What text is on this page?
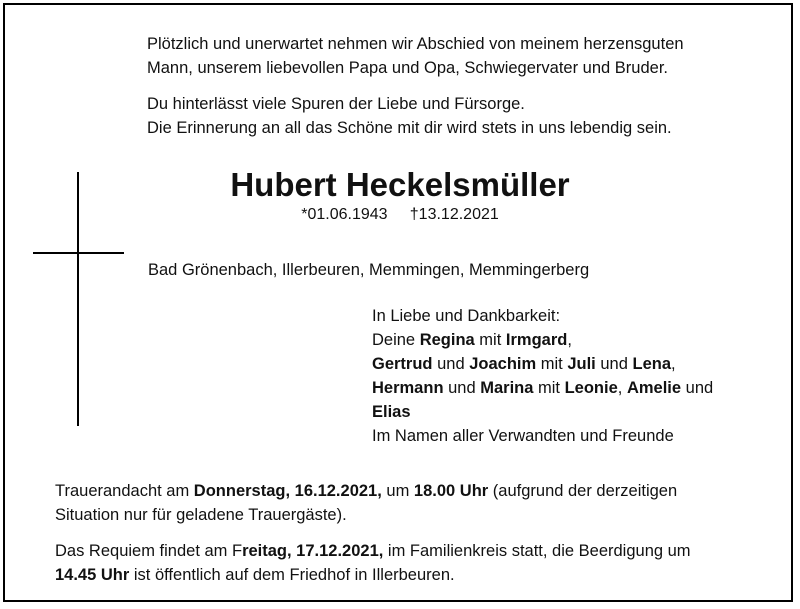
Plötzlich und unerwartet nehmen wir Abschied von meinem herzensguten
Mann, unserem liebevollen Papa und Opa, Schwiegervater und Bruder.
Du hinterlässt viele Spuren der Liebe und Fürsorge.
Die Erinnerung an all das Schöne mit dir wird stets in uns lebendig sein.
Hubert Heckelsmüller
*01.06.1943 †13.12.2021
Bad Grönenbach, Illerbeuren, Memmingen, Memmingerberg
In Liebe und Dankbarkeit:
Deine Regina mit Irmgard,
Gertrud und Joachim mit Juli und Lena,
Hermann und Marina mit Leonie, Amelie und
Elias
Im Namen aller Verwandten und Freunde
Trauerandacht am Donnerstag, 16.12.2021, um 18.00 Uhr (aufgrund der derzeitigen
Situation nur für geladene Trauergäste).
Das Requiem findet am Freitag, 17.12.2021, im Familienkreis statt, die Beerdigung um
14.45 Uhr ist öffentlich auf dem Friedhof in Illerbeuren.
